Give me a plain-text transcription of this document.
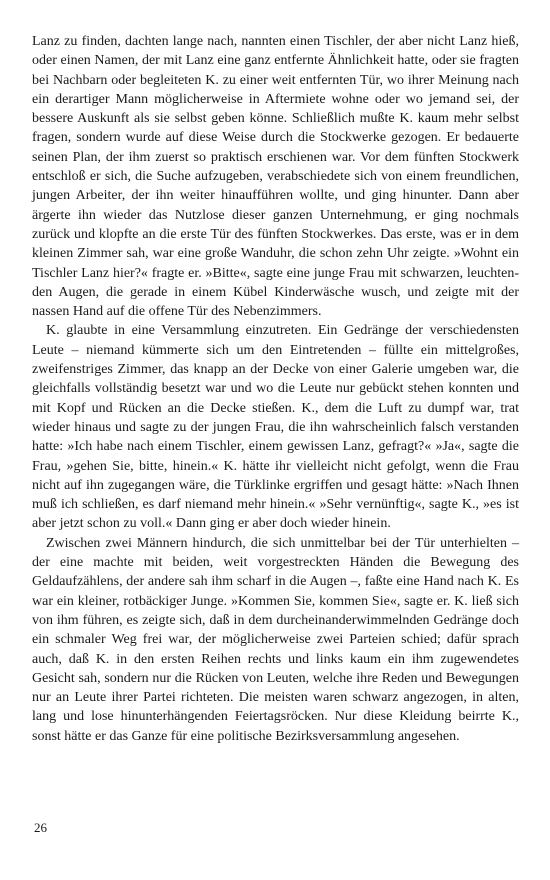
Lanz zu finden, dachten lange nach, nannten einen Tischler, der aber nicht Lanz hieß, oder einen Namen, der mit Lanz eine ganz entfernte Ähnlichkeit hatte, oder sie fragten bei Nachbarn oder begleiteten K. zu einer weit entfernten Tür, wo ihrer Meinung nach ein derartiger Mann möglicherweise in Aftermiete wohne oder wo jemand sei, der bessere Auskunft als sie selbst geben könne. Schließlich mußte K. kaum mehr selbst fragen, sondern wurde auf diese Weise durch die Stockwerke gezogen. Er bedauerte seinen Plan, der ihm zuerst so praktisch erschienen war. Vor dem fünften Stockwerk entschloß er sich, die Suche aufzugeben, verabschiedete sich von einem freundlichen, jungen Arbeiter, der ihn weiter hinaufführen wollte, und ging hinunter. Dann aber ärgerte ihn wieder das Nutzlose dieser ganzen Unternehmung, er ging nochmals zurück und klopfte an die erste Tür des fünften Stockwerkes. Das erste, was er in dem kleinen Zimmer sah, war eine große Wanduhr, die schon zehn Uhr zeigte. »Wohnt ein Tischler Lanz hier?« fragte er. »Bitte«, sagte eine junge Frau mit schwarzen, leuchtenden Augen, die gerade in einem Kübel Kinderwäsche wusch, und zeigte mit der nassen Hand auf die offene Tür des Nebenzimmers.

K. glaubte in eine Versammlung einzutreten. Ein Gedränge der verschiedensten Leute – niemand kümmerte sich um den Eintretenden – füllte ein mittelgroßes, zweifenstriges Zimmer, das knapp an der Decke von einer Galerie umgeben war, die gleichfalls vollständig besetzt war und wo die Leute nur gebückt stehen konnten und mit Kopf und Rücken an die Decke stießen. K., dem die Luft zu dumpf war, trat wieder hinaus und sagte zu der jungen Frau, die ihn wahrscheinlich falsch verstanden hatte: »Ich habe nach einem Tischler, einem gewissen Lanz, gefragt?« »Ja«, sagte die Frau, »gehen Sie, bitte, hinein.« K. hätte ihr vielleicht nicht gefolgt, wenn die Frau nicht auf ihn zugegangen wäre, die Türklinke ergriffen und gesagt hätte: »Nach Ihnen muß ich schließen, es darf niemand mehr hinein.« »Sehr vernünftig«, sagte K., »es ist aber jetzt schon zu voll.« Dann ging er aber doch wieder hinein.

Zwischen zwei Männern hindurch, die sich unmittelbar bei der Tür unterhielten – der eine machte mit beiden, weit vorgestreckten Händen die Bewegung des Geldaufzählens, der andere sah ihm scharf in die Augen –, faßte eine Hand nach K. Es war ein kleiner, rotbäckiger Junge. »Kommen Sie, kommen Sie«, sagte er. K. ließ sich von ihm führen, es zeigte sich, daß in dem durcheinanderwimmelnden Gedränge doch ein schmaler Weg frei war, der möglicherweise zwei Parteien schied; dafür sprach auch, daß K. in den ersten Reihen rechts und links kaum ein ihm zugewendetes Gesicht sah, sondern nur die Rücken von Leuten, welche ihre Reden und Bewegungen nur an Leute ihrer Partei richteten. Die meisten waren schwarz angezogen, in alten, lang und lose hinunterhängenden Feiertagsröcken. Nur diese Kleidung beirrte K., sonst hätte er das Ganze für eine politische Bezirksversammlung angesehen.

26
